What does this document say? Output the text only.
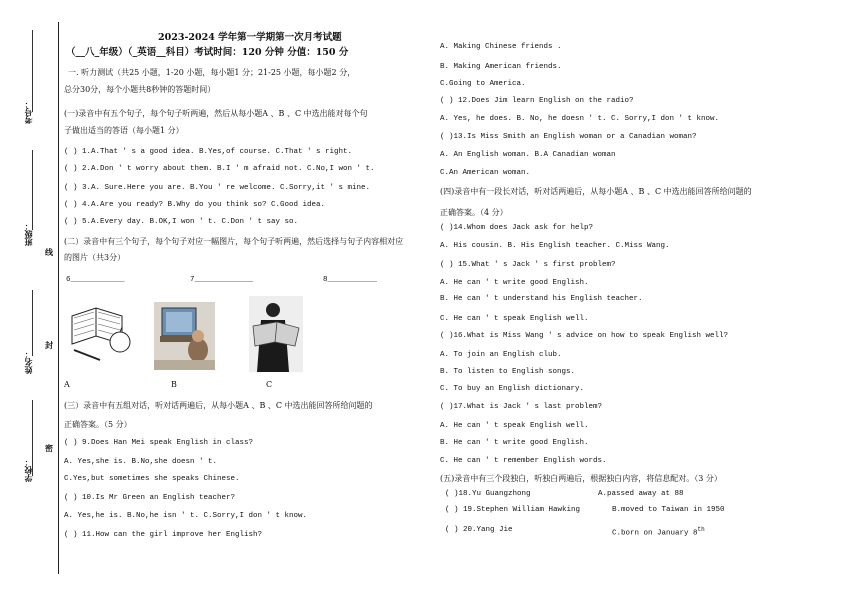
考号：
班级：
姓名：
学校：
线
封
密
2023-2024 学年第一学期第一次月考试题
（__八_年级）（_英语__科目）考试时间：120 分钟 分值：150 分
一. 听力测试（共25 小题，1-20 小题，每小题1 分；21-25 小题，每小题2 分，
总分30分，每个小题共8秒钟的答题时间）
(一)录音中有五个句子，每个句子听两遍，然后从每小题A 、B 、C 中选出能对每个句
子做出适当的答语（每小题1 分）
( ) 1.A.That ' s a good idea. B.Yes,of course. C.That ' s right.
( ) 2.A.Don ' t worry about them. B.I ' m afraid not. C.No,I won ' t.
( ) 3.A. Sure.Here you are. B.You ' re welcome. C.Sorry,it ' s mine.
( ) 4.A.Are you ready? B.Why do you think so? C.Good idea.
( ) 5.A.Every day. B.OK,I won ' t. C.Don ' t say so.
(二）录音中有三个句子，每个句子对应一幅图片，每个句子听两遍，然后选择与句子内容相对应
的图片（共3分）
6____________	7_____________	8___________
A	B	C
(三）录音中有五组对话，听对话两遍后，从每小题A 、B 、C 中选出能回答所给问题的
正确答案。（5 分）
( ) 9.Does Han Mei speak English in class?
A. Yes,she is. B.No,she doesn ' t.
C.Yes,but sometimes she speaks Chinese.
( ) 10.Is Mr Green an English teacher?
A. Yes,he is. B.No,he isn ' t. C.Sorry,I don ' t know.
( ) 11.How can the girl improve her English?
A. Making Chinese friends .
B. Making American friends.
C.Going to America.
( ) 12.Does Jim learn English on the radio?
A. Yes, he does. B. No, he doesn ' t. C. Sorry,I don ' t know.
( )13.Is Miss Smith an English woman or a Canadian woman?
A. An English woman. B.A Canadian woman
C.An American woman.
(四)录音中有一段长对话，听对话两遍后，从每小题A 、B 、C 中选出能回答所给问题的
正确答案。（4 分）
( )14.Whom does Jack ask for help?
A. His cousin. B. His English teacher. C.Miss Wang.
( ) 15.What ' s Jack ' s first problem?
A. He can ' t write good English.
B. He can ' t understand his English teacher.
C. He can ' t speak English well.
( )16.What is Miss Wang ' s advice on how to speak English well?
A. To join an English club.
B. To listen to English songs.
C. To buy an English dictionary.
( )17.What is Jack ' s last problem?
A. He can ' t speak English well.
B. He can ' t write good English.
C. He can ' t remember English words.
(五)录音中有三个段独白，听独白两遍后，根据独白内容，将信息配对。（3 分）
( )18.Yu Guangzhong	A.passed away at 88
( ) 19.Stephen William Hawking	B.moved to Taiwan in 1950
( ) 20.Yang Jie	C.born on January 8th
